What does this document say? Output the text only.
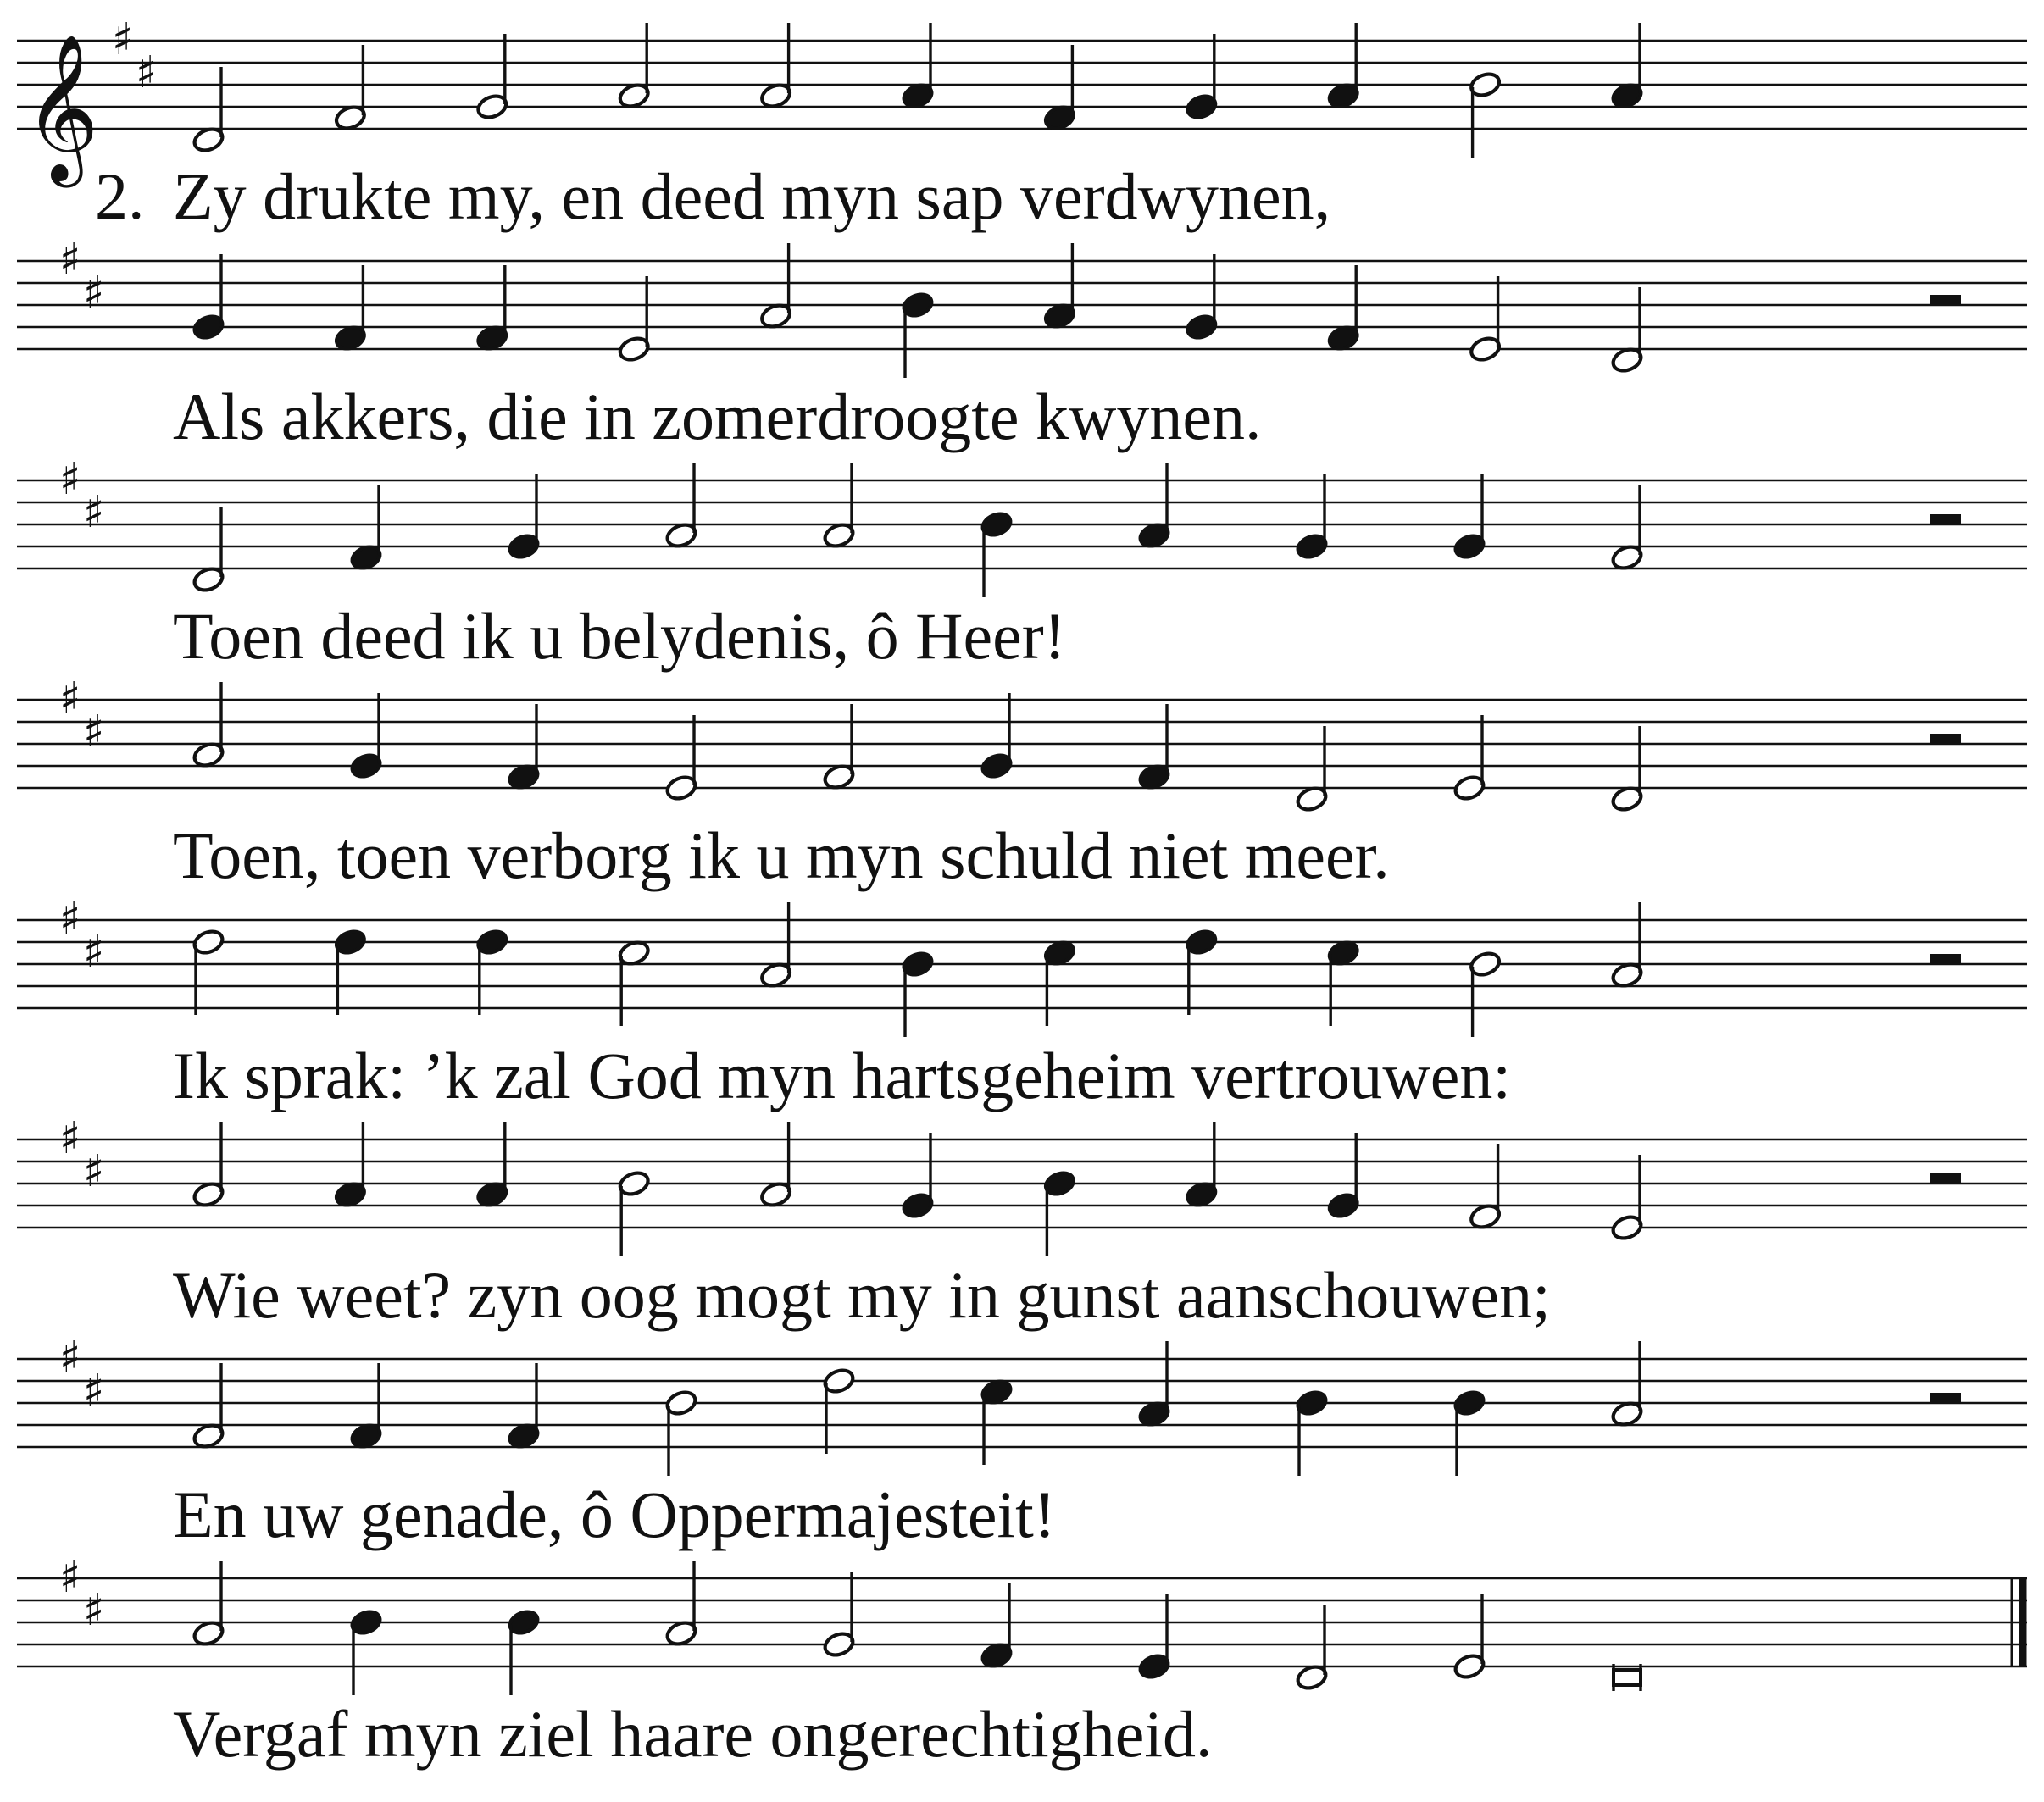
𝄞 ♯
♯
♯
♯
♯
♯
♯
♯
♯
♯
♯
♯
♯
♯
♯
♯
2. Zy drukte my, en deed myn sap verdwynen,
Als akkers, die in zomerdroogte kwynen.
Toen deed ik u belydenis, ô Heer!
Toen, toen verborg ik u myn schuld niet meer.
Ik sprak: ’k zal God myn hartsgeheim vertrouwen:
Wie weet? zyn oog mogt my in gunst aanschouwen;
En uw genade, ô Oppermajesteit!
Vergaf myn ziel haare ongerechtigheid.
